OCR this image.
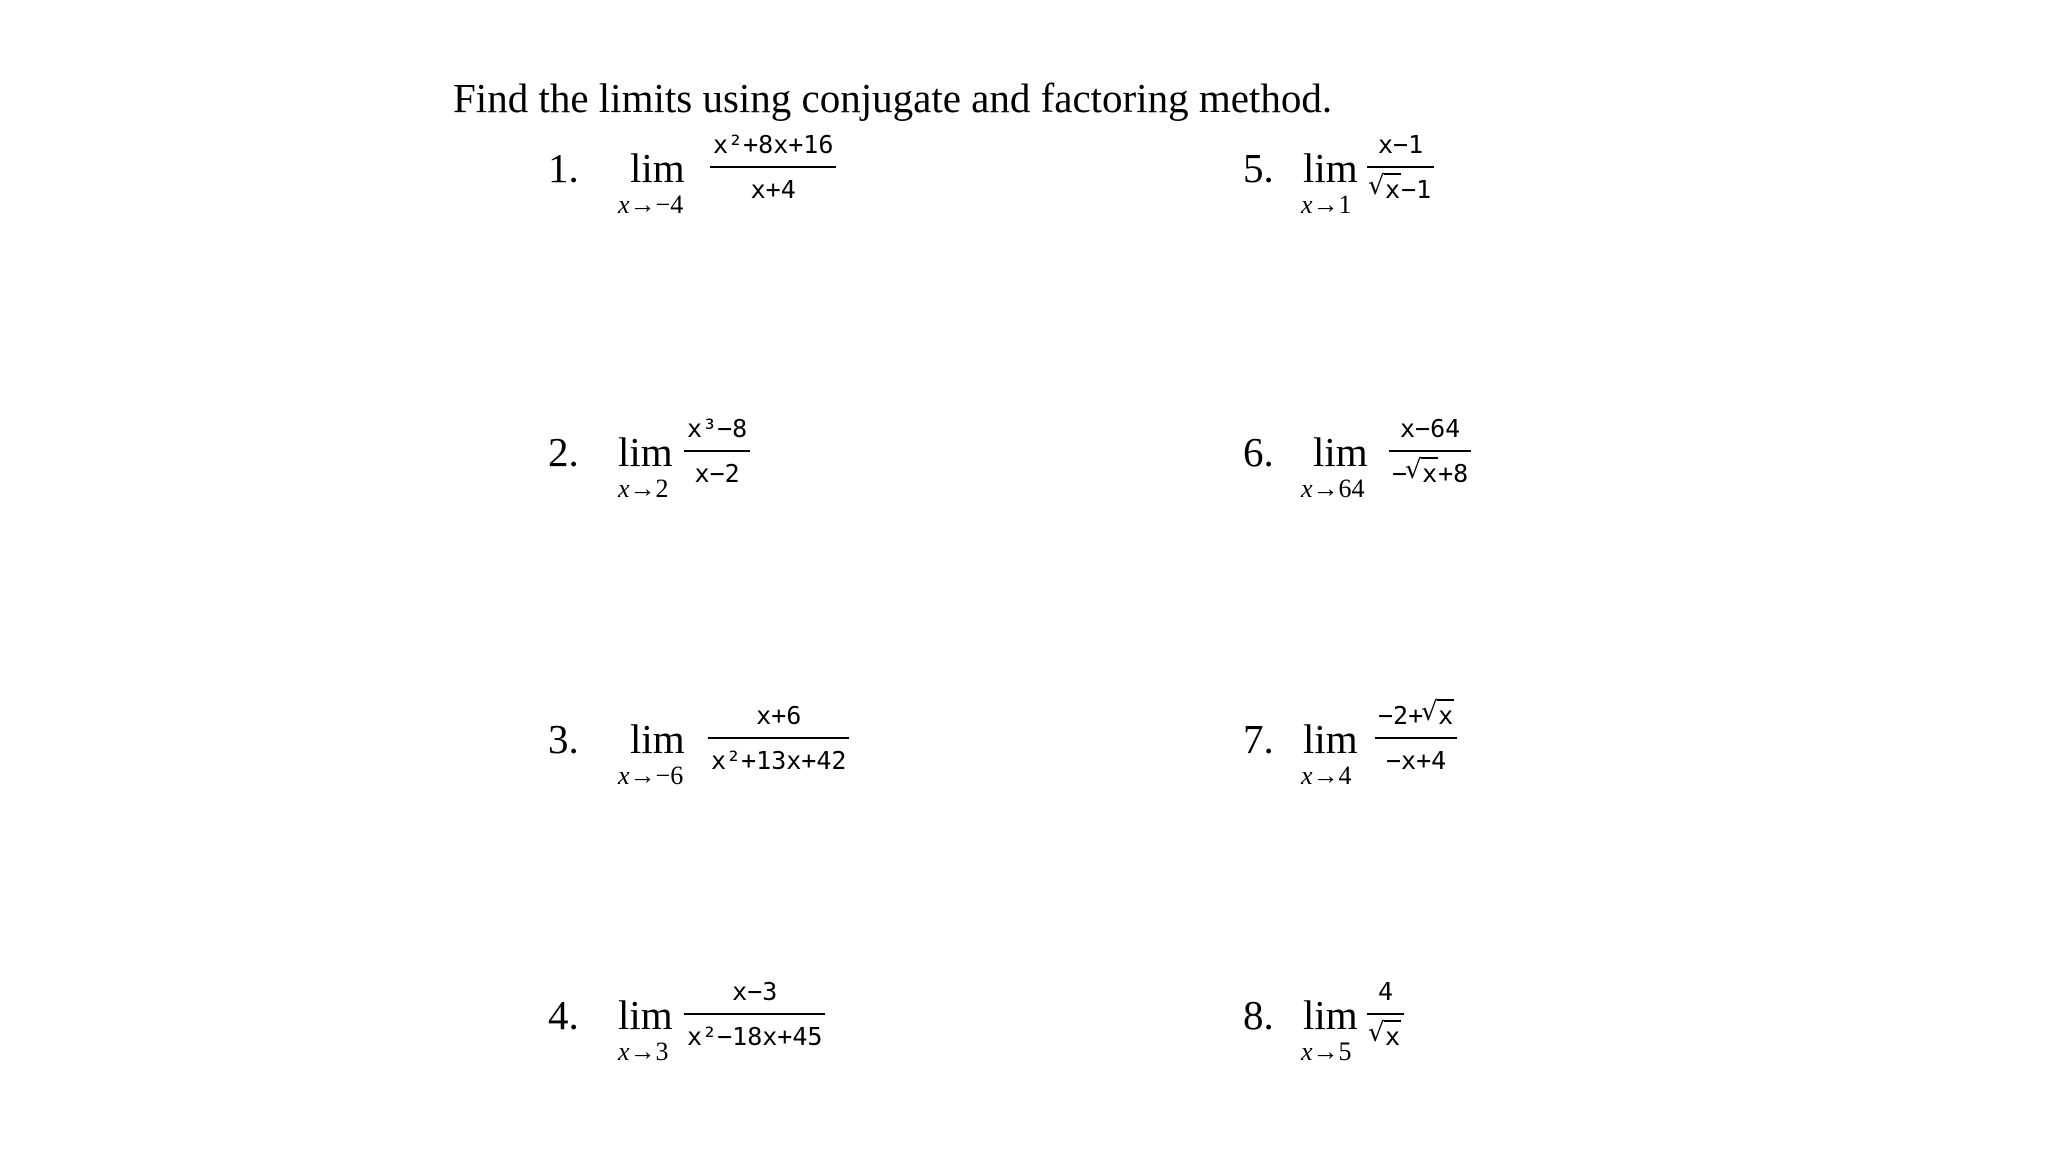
Find the limits using conjugate and factoring method.
1. lim
x→−4
x²+8x+16
x+4
2. lim
x→2
x³−8
x−2
3. lim
x→−6
x+6
x²+13x+42
4. lim
x→3
x−3
x²−18x+45
5. lim
x→1
x−1
√ x−1
6. lim
x→64
x−64
− √ x+8
7. lim
x→4
−2+ √ x
−x+4
8. lim
x→5
4
√ x
